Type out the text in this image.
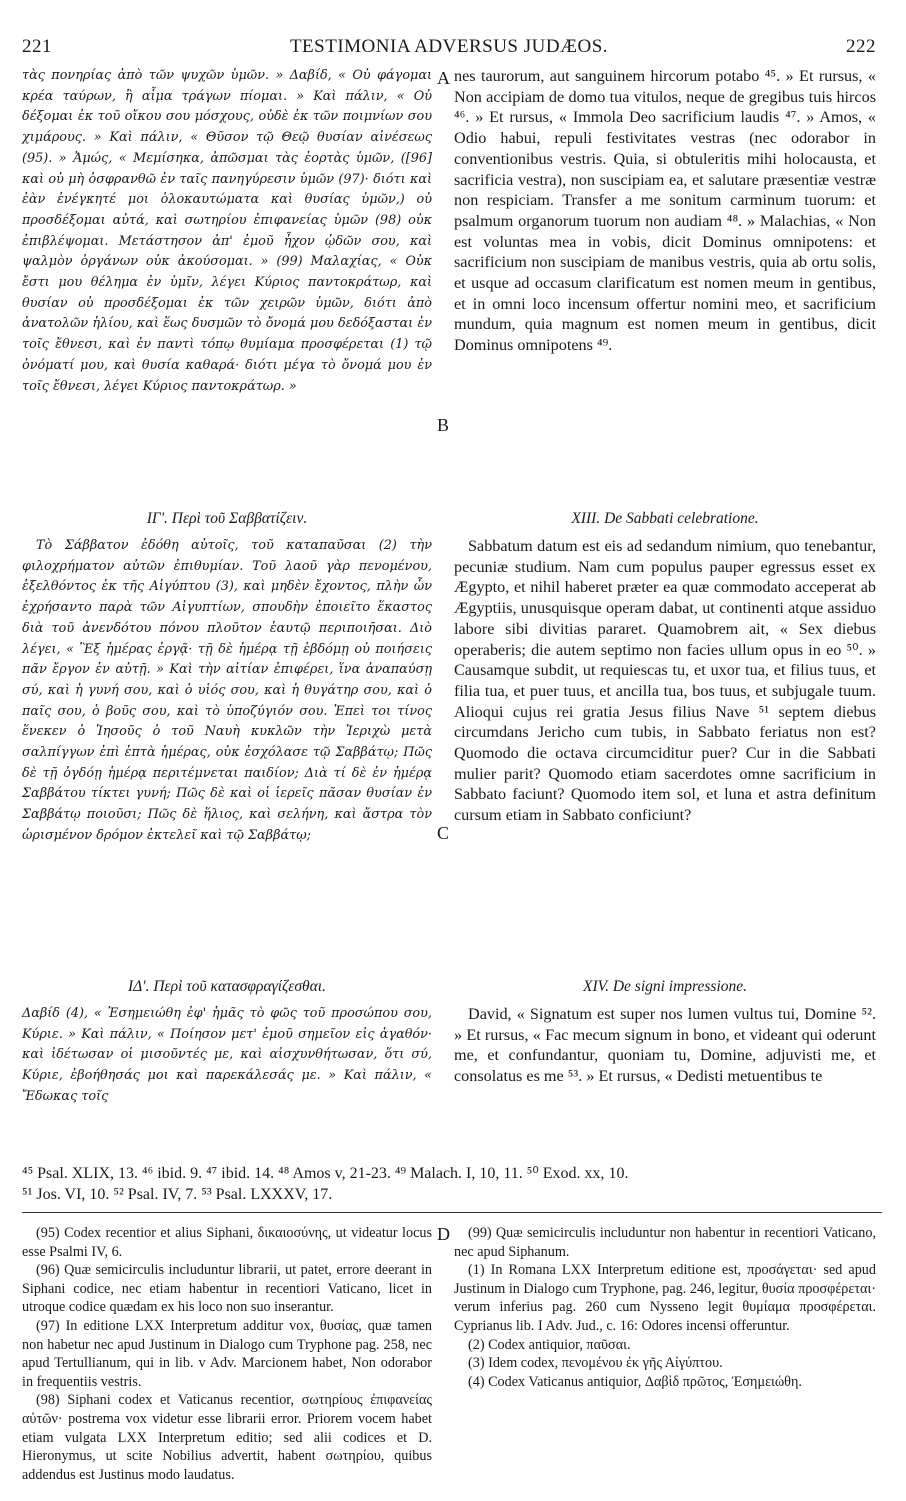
221	TESTIMONIA ADVERSUS JUDÆOS.	222
A
B
C
D

τὰς πονηρίας ἀπὸ τῶν ψυχῶν ὑμῶν. » Δαβίδ, « Οὐ φάγομαι κρέα ταύρων, ἢ αἷμα τράγων πίομαι. » Καὶ πάλιν, « Οὐ δέξομαι ἐκ τοῦ οἴκου σου μόσχους, οὐδὲ ἐκ τῶν ποιμνίων σου χιμάρους. » Καὶ πάλιν, « Θῦσον τῷ Θεῷ θυσίαν αἰνέσεως (95). » Ἀμώς, « Μεμίσηκα, ἀπῶσμαι τὰς ἑορτὰς ὑμῶν, ([96] καὶ οὐ μὴ ὀσφρανθῶ ἐν ταῖς πανηγύρεσιν ὑμῶν (97)· διότι καὶ ἐὰν ἐνέγκητέ μοι ὁλοκαυτώματα καὶ θυσίας ὑμῶν,) οὐ προσδέξομαι αὐτά, καὶ σωτηρίου ἐπιφανείας ὑμῶν (98) οὐκ ἐπιβλέψομαι. Μετάστησον ἀπ' ἐμοῦ ἦχον ᾠδῶν σου, καὶ ψαλμὸν ὀργάνων οὐκ ἀκούσομαι. » (99) Μαλαχίας, « Οὐκ ἔστι μου θέλημα ἐν ὑμῖν, λέγει Κύριος παντοκράτωρ, καὶ θυσίαν οὐ προσδέξομαι ἐκ τῶν χειρῶν ὑμῶν, διότι ἀπὸ ἀνατολῶν ἡλίου, καὶ ἕως δυσμῶν τὸ ὄνομά μου δεδόξασται ἐν τοῖς ἔθνεσι, καὶ ἐν παντὶ τόπῳ θυμίαμα προσφέρεται (1) τῷ ὀνόματί μου, καὶ θυσία καθαρά· διότι μέγα τὸ ὄνομά μου ἐν τοῖς ἔθνεσι, λέγει Κύριος παντοκράτωρ. »

ΙΓ'. Περὶ τοῦ Σαββατίζειν.

Τὸ Σάββατον ἐδόθη αὐτοῖς, τοῦ καταπαῦσαι (2) τὴν φιλοχρήματον αὐτῶν ἐπιθυμίαν. Τοῦ λαοῦ γὰρ πενομένου, ἐξελθόντος ἐκ τῆς Αἰγύπτου (3), καὶ μηδὲν ἔχοντος, πλὴν ὧν ἐχρήσαντο παρὰ τῶν Αἰγυπτίων, σπουδὴν ἐποιεῖτο ἕκαστος διὰ τοῦ ἀνενδότου πόνου πλοῦτον ἑαυτῷ περιποιῆσαι. Διὸ λέγει, « Ἓξ ἡμέρας ἐργᾷ· τῇ δὲ ἡμέρᾳ τῇ ἑβδόμῃ οὐ ποιήσεις πᾶν ἔργον ἐν αὐτῇ. » Καὶ τὴν αἰτίαν ἐπιφέρει, ἵνα ἀναπαύσῃ σύ, καὶ ἡ γυνή σου, καὶ ὁ υἱός σου, καὶ ἡ θυγάτηρ σου, καὶ ὁ παῖς σου, ὁ βοῦς σου, καὶ τὸ ὑποζύγιόν σου. Ἐπεὶ τοι τίνος ἕνεκεν ὁ Ἰησοῦς ὁ τοῦ Ναυὴ κυκλῶν τὴν Ἱεριχὼ μετὰ σαλπίγγων ἐπὶ ἑπτὰ ἡμέρας, οὐκ ἐσχόλασε τῷ Σαββάτῳ; Πῶς δὲ τῇ ὀγδόῃ ἡμέρᾳ περιτέμνεται παιδίον; Διὰ τί δὲ ἐν ἡμέρᾳ Σαββάτου τίκτει γυνή; Πῶς δὲ καὶ οἱ ἱερεῖς πᾶσαν θυσίαν ἐν Σαββάτῳ ποιοῦσι; Πῶς δὲ ἥλιος, καὶ σελήνη, καὶ ἄστρα τὸν ὡρισμένον δρόμον ἐκτελεῖ καὶ τῷ Σαββάτῳ;

ΙΔ'. Περὶ τοῦ κατασφραγίζεσθαι.

Δαβίδ (4), « Ἐσημειώθη ἐφ' ἡμᾶς τὸ φῶς τοῦ προσώπου σου, Κύριε. » Καὶ πάλιν, « Ποίησον μετ' ἐμοῦ σημεῖον εἰς ἀγαθόν· καὶ ἰδέτωσαν οἱ μισοῦντές με, καὶ αἰσχυνθήτωσαν, ὅτι σύ, Κύριε, ἐβοήθησάς μοι καὶ παρεκάλεσάς με. » Καὶ πάλιν, « Ἔδωκας τοῖς

nes taurorum, aut sanguinem hircorum potabo ⁴⁵. » Et rursus, « Non accipiam de domo tua vitulos, neque de gregibus tuis hircos ⁴⁶. » Et rursus, « Immola Deo sacrificium laudis ⁴⁷. » Amos, « Odio habui, repuli festivitates vestras (nec odorabor in conventionibus vestris. Quia, si obtuleritis mihi holocausta, et sacrificia vestra), non suscipiam ea, et salutare præsentiæ vestræ non respiciam. Transfer a me sonitum carminum tuorum: et psalmum organorum tuorum non audiam ⁴⁸. » Malachias, « Non est voluntas mea in vobis, dicit Dominus omnipotens: et sacrificium non suscipiam de manibus vestris, quia ab ortu solis, et usque ad occasum clarificatum est nomen meum in gentibus, et in omni loco incensum offertur nomini meo, et sacrificium mundum, quia magnum est nomen meum in gentibus, dicit Dominus omnipotens ⁴⁹.

XIII. De Sabbati celebratione.

Sabbatum datum est eis ad sedandum nimium, quo tenebantur, pecuniæ studium. Nam cum populus pauper egressus esset ex Ægypto, et nihil haberet præter ea quæ commodato acceperat ab Ægyptiis, unusquisque operam dabat, ut continenti atque assiduo labore sibi divitias pararet. Quamobrem ait, « Sex diebus operaberis; die autem septimo non facies ullum opus in eo ⁵⁰. » Causamque subdit, ut requiescas tu, et uxor tua, et filius tuus, et filia tua, et puer tuus, et ancilla tua, bos tuus, et subjugale tuum. Alioqui cujus rei gratia Jesus filius Nave ⁵¹ septem diebus circumdans Jericho cum tubis, in Sabbato feriatus non est? Quomodo die octava circumciditur puer? Cur in die Sabbati mulier parit? Quomodo etiam sacerdotes omne sacrificium in Sabbato faciunt? Quomodo item sol, et luna et astra definitum cursum etiam in Sabbato conficiunt?

XIV. De signi impressione.

David, « Signatum est super nos lumen vultus tui, Domine ⁵². » Et rursus, « Fac mecum signum in bono, et videant qui oderunt me, et confundantur, quoniam tu, Domine, adjuvisti me, et consolatus es me ⁵³. » Et rursus, « Dedisti metuentibus te

⁴⁵ Psal. XLIX, 13. ⁴⁶ ibid. 9. ⁴⁷ ibid. 14. ⁴⁸ Amos v, 21-23. ⁴⁹ Malach. I, 10, 11. ⁵⁰ Exod. xx, 10.
⁵¹ Jos. VI, 10. ⁵² Psal. IV, 7. ⁵³ Psal. LXXXV, 17.

(95) Codex recentior et alius Siphani, δικαιοσύνης, ut videatur locus esse Psalmi IV, 6.

(96) Quæ semicirculis includuntur librarii, ut patet, errore deerant in Siphani codice, nec etiam habentur in recentiori Vaticano, licet in utroque codice quædam ex his loco non suo inserantur.

(97) In editione LXX Interpretum additur vox, θυσίας, quæ tamen non habetur nec apud Justinum in Dialogo cum Tryphone pag. 258, nec apud Tertullianum, qui in lib. v Adv. Marcionem habet, Non odorabor in frequentiis vestris.

(98) Siphani codex et Vaticanus recentior, σωτηρίους ἐπιφανείας αὐτῶν· postrema vox videtur esse librarii error. Priorem vocem habet etiam vulgata LXX Interpretum editio; sed alii codices et D. Hieronymus, ut scite Nobilius advertit, habent σωτηρίου, quibus addendus est Justinus modo laudatus.

(99) Quæ semicirculis includuntur non habentur in recentiori Vaticano, nec apud Siphanum.

(1) In Romana LXX Interpretum editione est, προσάγεται· sed apud Justinum in Dialogo cum Tryphone, pag. 246, legitur, θυσία προσφέρεται· verum inferius pag. 260 cum Nysseno legit θυμίαμα προσφέρεται. Cyprianus lib. I Adv. Jud., c. 16: Odores incensi offeruntur.

(2) Codex antiquior, παῦσαι.

(3) Idem codex, πενομένου ἐκ γῆς Αἰγύπτου.

(4) Codex Vaticanus antiquior, Δαβὶδ πρῶτος, Ἐσημειώθη.
